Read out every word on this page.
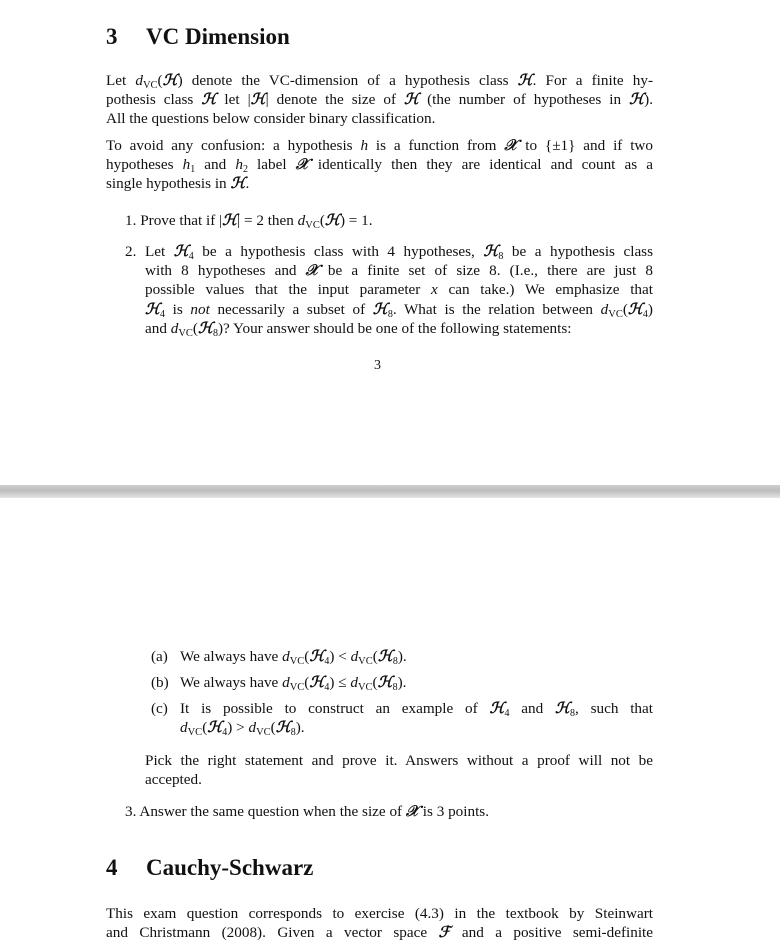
3 VC Dimension
Let $d_{VC}(ℋ)$ denote the VC-dimension of a hypothesis class ℋ. For a finite hy-
pothesis class ℋ let |ℋ| denote the size of ℋ (the number of hypotheses in ℋ).
All the questions below consider binary classification.
To avoid any confusion: a hypothesis h is a function from 𝒳 to {±1} and if two
hypotheses h1 and h2 label 𝒳 identically then they are identical and count as a
single hypothesis in ℋ.
1. Prove that if |ℋ| = 2 then $d_{VC}(ℋ) = 1$.
2. Let ℋ4 be a hypothesis class with 4 hypotheses, ℋ8 be a hypothesis class
with 8 hypotheses and 𝒳 be a finite set of size 8. (I.e., there are just 8
possible values that the input parameter x can take.) We emphasize that
ℋ4 is not necessarily a subset of ℋ8. What is the relation between $d_{VC}(ℋ4)$
and $d_{VC}(ℋ8)$? Your answer should be one of the following statements:
3
(a) We always have $d_{VC}(ℋ4)$ < $d_{VC}(ℋ8)$.
(b) We always have $d_{VC}(ℋ4)$ ≤ $d_{VC}(ℋ8)$.
(c) It is possible to construct an example of ℋ4 and ℋ8, such that
$d_{VC}(ℋ4)$ > $d_{VC}(ℋ8)$.
Pick the right statement and prove it. Answers without a proof will not be
accepted.
3. Answer the same question when the size of 𝒳 is 3 points.
4 Cauchy-Schwarz
This exam question corresponds to exercise (4.3) in the textbook by Steinwart
and Christmann (2008). Given a vector space ℱ and a positive semi-definite
